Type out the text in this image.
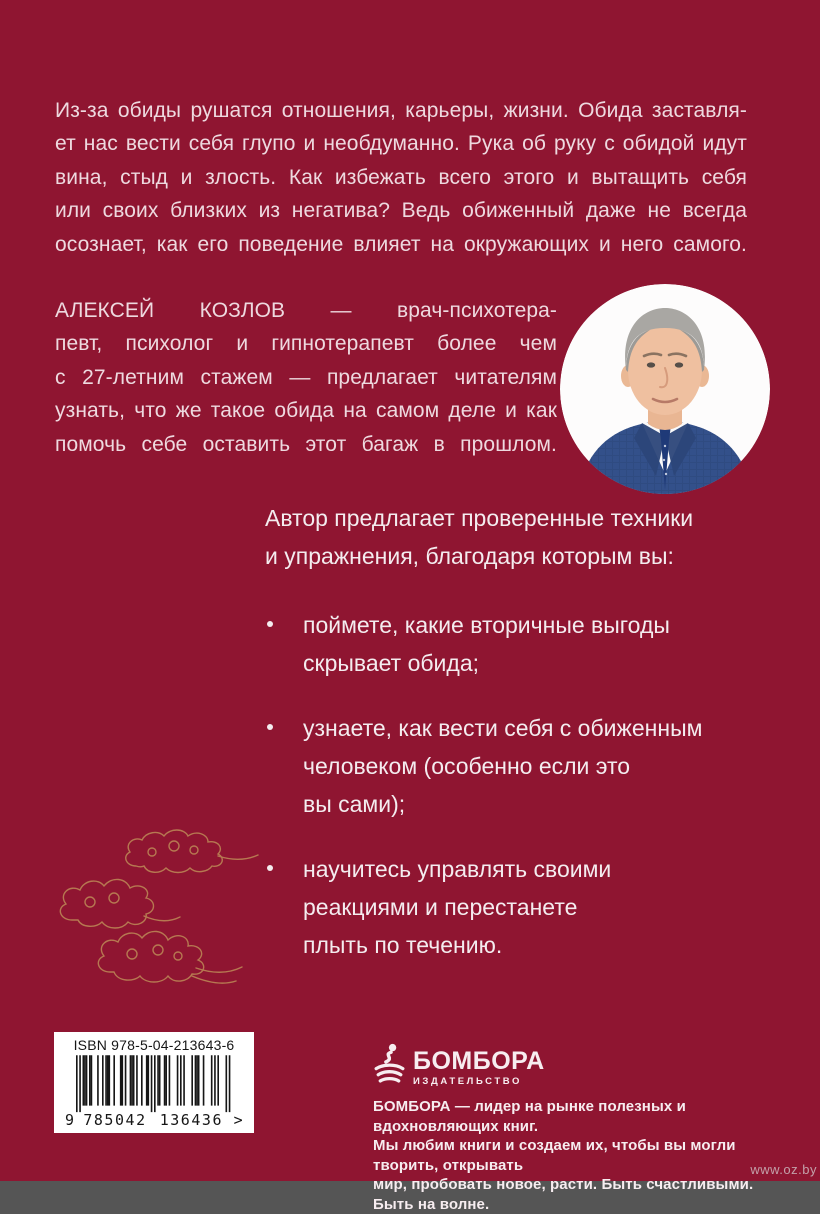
Из-за обиды рушатся отношения, карьеры, жизни. Обида заставля-
ет нас вести себя глупо и необдуманно. Рука об руку с обидой идут
вина, стыд и злость. Как избежать всего этого и вытащить себя
или своих близких из негатива? Ведь обиженный даже не всегда
осознает, как его поведение влияет на окружающих и него самого.
АЛЕКСЕЙ КОЗЛОВ — врач-психотера-
певт, психолог и гипнотерапевт более чем
с 27-летним стажем — предлагает читателям
узнать, что же такое обида на самом деле и как
помочь себе оставить этот багаж в прошлом.
Автор предлагает проверенные техники
и упражнения, благодаря которым вы:
поймете, какие вторичные выгоды
скрывает обида;
узнаете, как вести себя с обиженным
человеком (особенно если это
вы сами);
научитесь управлять своими
реакциями и перестанете
плыть по течению.
ISBN 978-5-04-213643-6
9 785042 136436 >
БОМБОРА
ИЗДАТЕЛЬСТВО
БОМБОРА — лидер на рынке полезных и вдохновляющих книг.
Мы любим книги и создаем их, чтобы вы могли творить, открывать
мир, пробовать новое, расти. Быть счастливыми. Быть на волне.
www.oz.by
